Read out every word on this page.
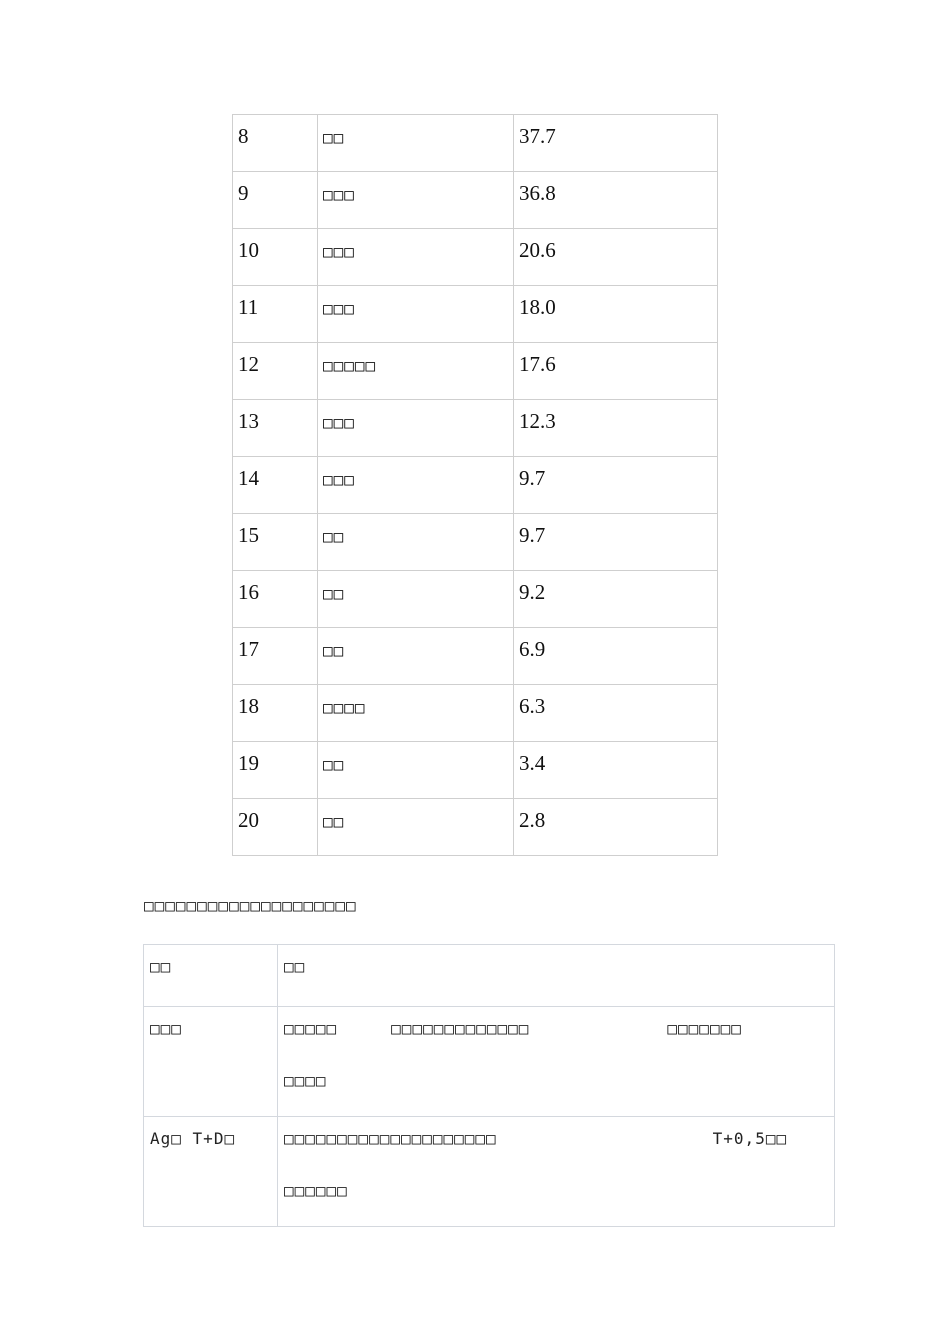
8	□□	37.7
9	□□□	36.8
10	□□□	20.6
11	□□□	18.0
12	□□□□□	17.6
13	□□□	12.3
14	□□□	9.7
15	□□	9.7
16	□□	9.2
17	□□	6.9
18	□□□□	6.3
19	□□	3.4
20	□□	2.8
□□□□□□□□□□□□□□□□□□□□
□□	□□
□□□	□□□□□ □□□□□□□□□□□□□ □□□□□□□
□□□□

Ag□ T+D□	□□□□□□□□□□□□□□□□□□□□ T+0,5□□
□□□□□□
